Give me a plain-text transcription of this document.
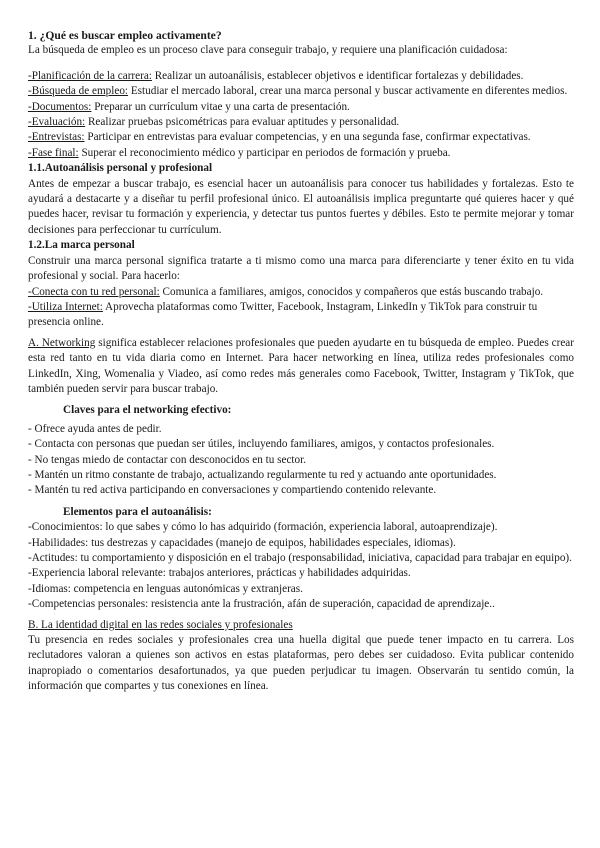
1. ¿Qué es buscar empleo activamente?

La búsqueda de empleo es un proceso clave para conseguir trabajo, y requiere una planificación cuidadosa:

-Planificación de la carrera: Realizar un autoanálisis, establecer objetivos e identificar fortalezas y debilidades.

-Búsqueda de empleo: Estudiar el mercado laboral, crear una marca personal y buscar activamente en diferentes medios.

-Documentos: Preparar un currículum vitae y una carta de presentación.

-Evaluación: Realizar pruebas psicométricas para evaluar aptitudes y personalidad.

-Entrevistas: Participar en entrevistas para evaluar competencias, y en una segunda fase, confirmar expectativas.

-Fase final: Superar el reconocimiento médico y participar en periodos de formación y prueba.

1.1.Autoanálisis personal y profesional

Antes de empezar a buscar trabajo, es esencial hacer un autoanálisis para conocer tus habilidades y fortalezas. Esto te ayudará a destacarte y a diseñar tu perfil profesional único. El autoanálisis implica preguntarte qué quieres hacer y qué puedes hacer, revisar tu formación y experiencia, y detectar tus puntos fuertes y débiles. Esto te permite mejorar y tomar decisiones para perfeccionar tu currículum.

1.2.La marca personal

Construir una marca personal significa tratarte a ti mismo como una marca para diferenciarte y tener éxito en tu vida profesional y social. Para hacerlo:

-Conecta con tu red personal: Comunica a familiares, amigos, conocidos y compañeros que estás buscando trabajo.

-Utiliza Internet: Aprovecha plataformas como Twitter, Facebook, Instagram, LinkedIn y TikTok para construir tu presencia online.

A. Networking significa establecer relaciones profesionales que pueden ayudarte en tu búsqueda de empleo. Puedes crear esta red tanto en tu vida diaria como en Internet. Para hacer networking en línea, utiliza redes profesionales como LinkedIn, Xing, Womenalia y Viadeo, así como redes más generales como Facebook, Twitter, Instagram y TikTok, que también pueden servir para buscar trabajo.

Claves para el networking efectivo:

- Ofrece ayuda antes de pedir.

- Contacta con personas que puedan ser útiles, incluyendo familiares, amigos, y contactos profesionales.

- No tengas miedo de contactar con desconocidos en tu sector.

- Mantén un ritmo constante de trabajo, actualizando regularmente tu red y actuando ante oportunidades.

- Mantén tu red activa participando en conversaciones y compartiendo contenido relevante.

Elementos para el autoanálisis:

-Conocimientos: lo que sabes y cómo lo has adquirido (formación, experiencia laboral, autoaprendizaje).

-Habilidades: tus destrezas y capacidades (manejo de equipos, habilidades especiales, idiomas).

-Actitudes: tu comportamiento y disposición en el trabajo (responsabilidad, iniciativa, capacidad para trabajar en equipo).

-Experiencia laboral relevante: trabajos anteriores, prácticas y habilidades adquiridas.

-Idiomas: competencia en lenguas autonómicas y extranjeras.

-Competencias personales: resistencia ante la frustración, afán de superación, capacidad de aprendizaje..

B. La identidad digital en las redes sociales y profesionales

Tu presencia en redes sociales y profesionales crea una huella digital que puede tener impacto en tu carrera. Los reclutadores valoran a quienes son activos en estas plataformas, pero debes ser cuidadoso. Evita publicar contenido inapropiado o comentarios desafortunados, ya que pueden perjudicar tu imagen. Observarán tu sentido común, la información que compartes y tus conexiones en línea.
